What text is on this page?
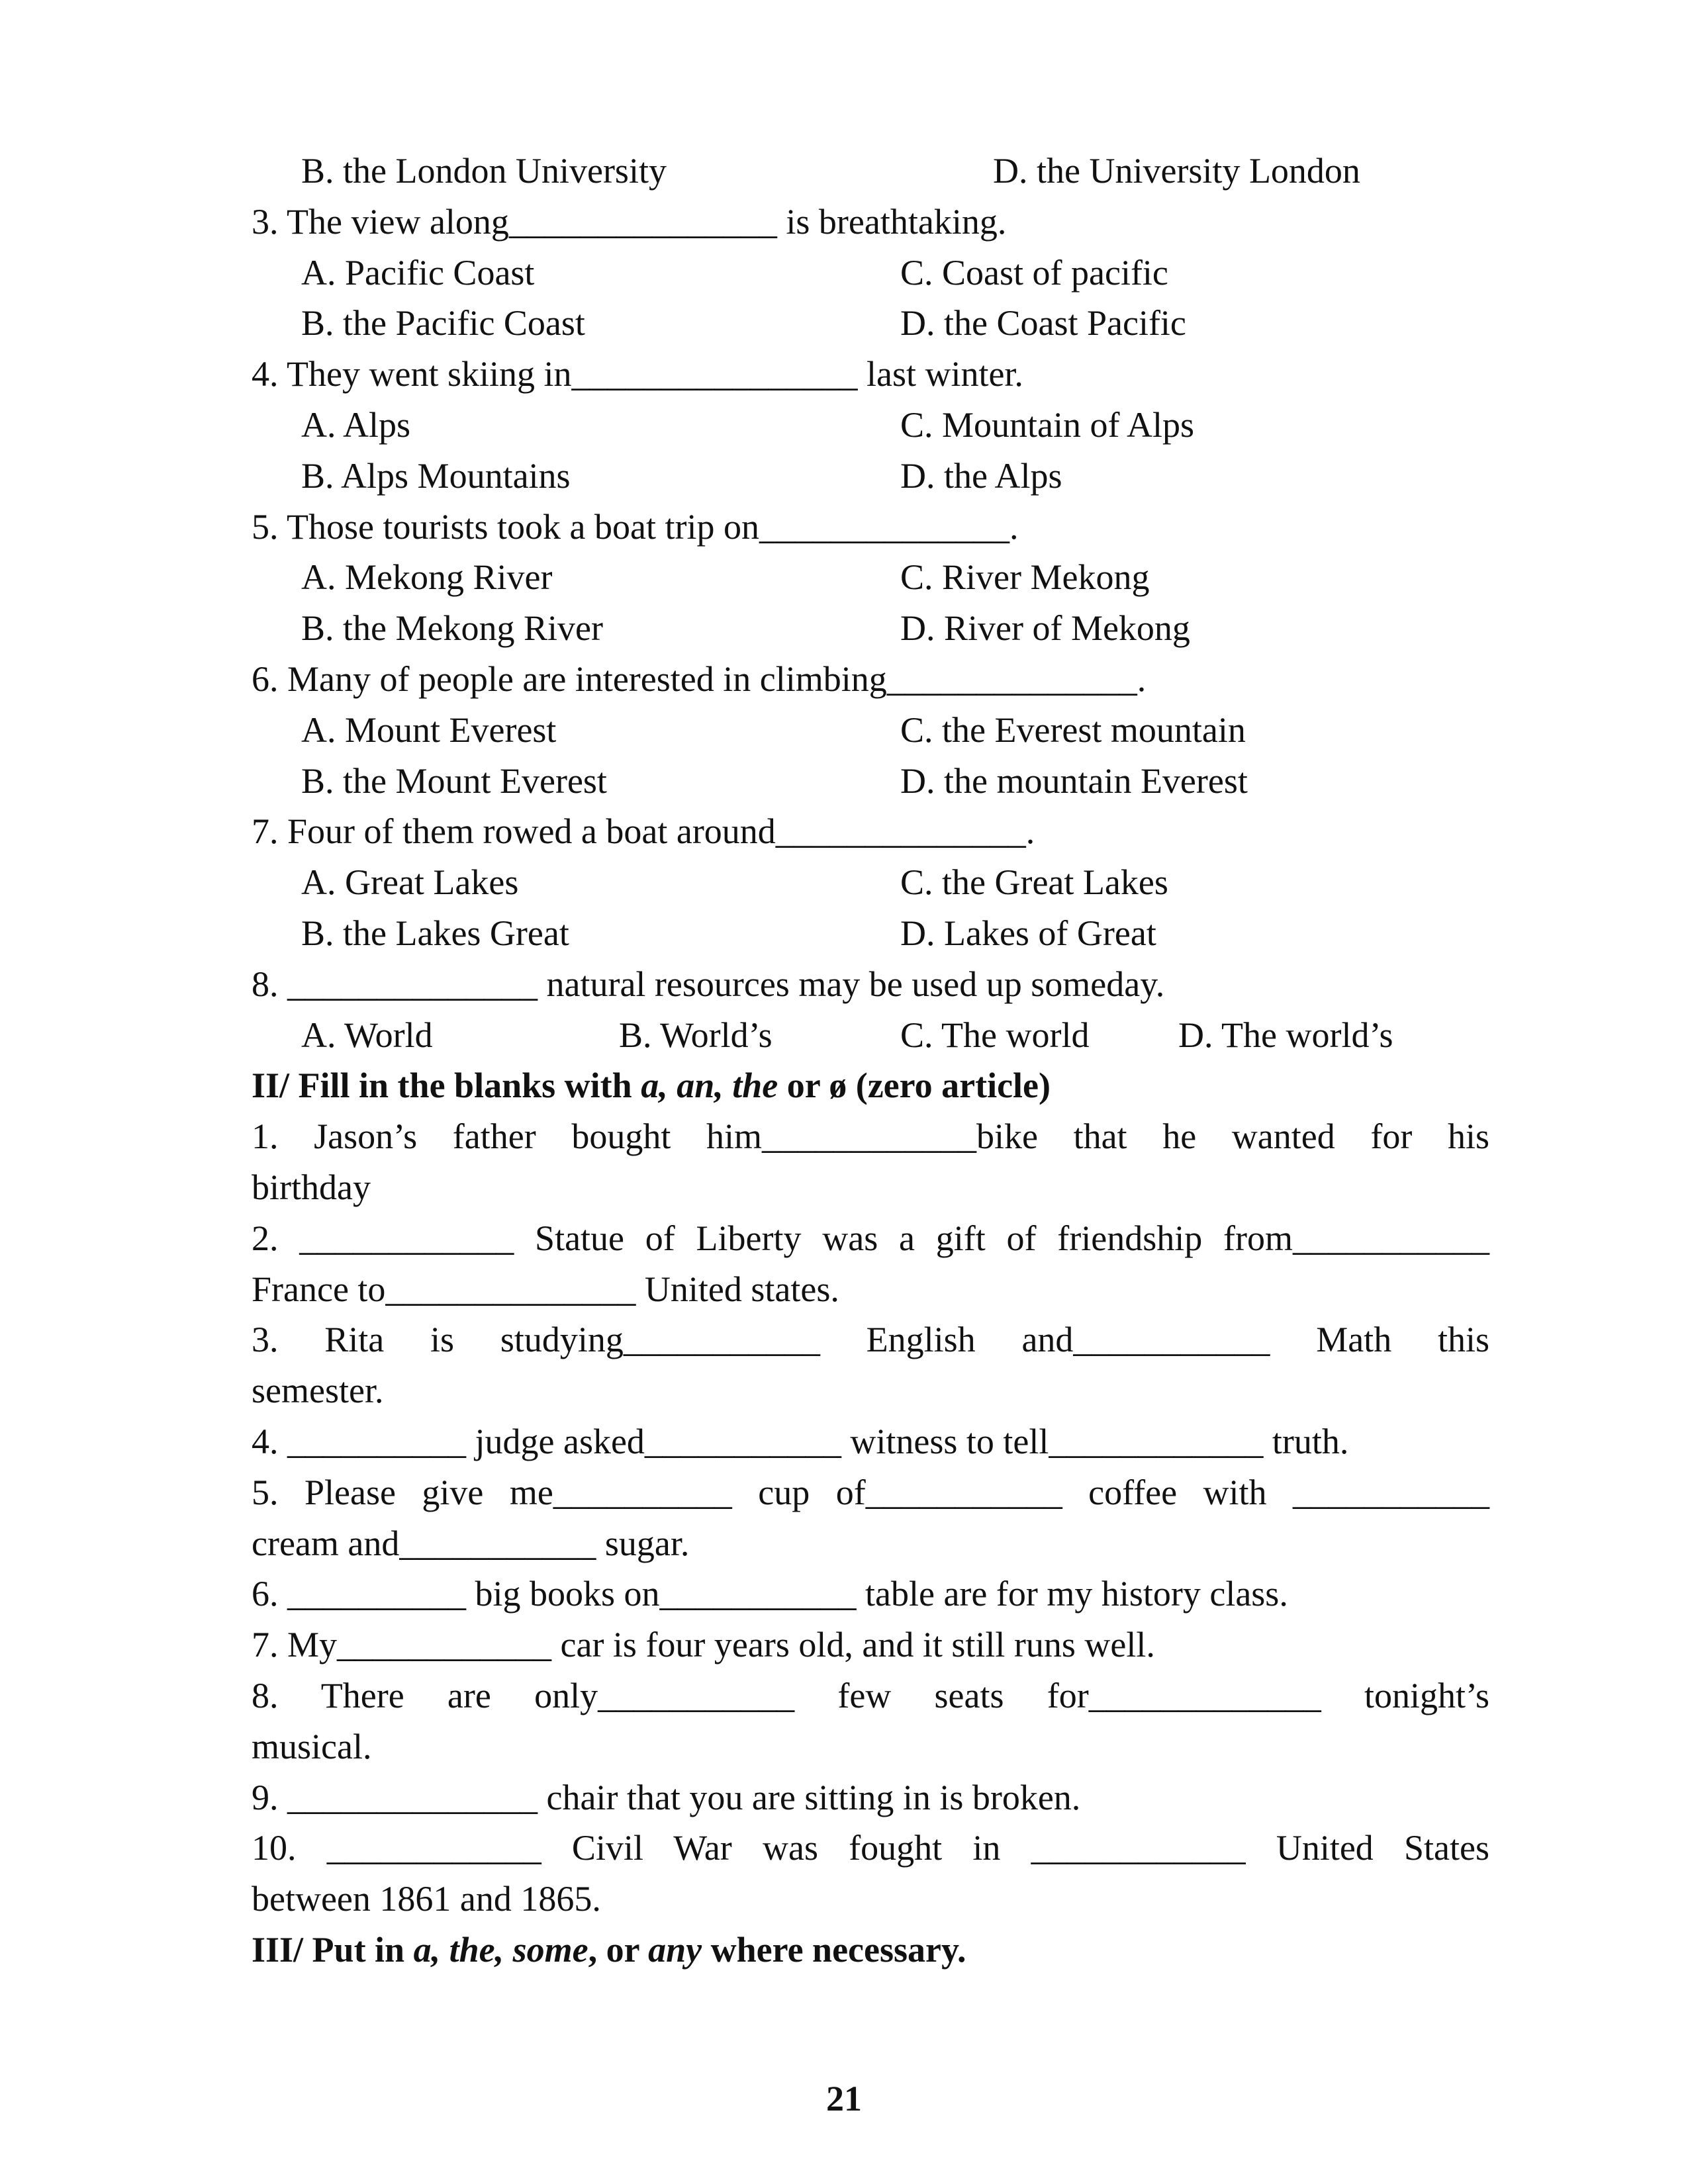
B. the London University	D. the University London
3. The view along_______________ is breathtaking.
A. Pacific Coast	C. Coast of pacific
B. the Pacific Coast	D. the Coast Pacific
4. They went skiing in________________ last winter.
A. Alps	C. Mountain of Alps
B. Alps Mountains	D. the Alps
5. Those tourists took a boat trip on______________.
A. Mekong River	C. River Mekong
B. the Mekong River	D. River of Mekong
6. Many of people are interested in climbing______________.
A. Mount Everest	C. the Everest mountain
B. the Mount Everest	D. the mountain Everest
7. Four of them rowed a boat around______________.
A. Great Lakes	C. the Great Lakes
B. the Lakes Great	D. Lakes of Great
8. ______________ natural resources may be used up someday.
A. World	B. World’s	C. The world D. The world’s
II/ Fill in the blanks with a, an, the or ø (zero article)
1. Jason’s father bought him____________bike that he wanted for his
birthday
2. ____________ Statue of Liberty was a gift of friendship from___________
France to______________ United states.
3. Rita is studying___________ English and___________ Math this
semester.
4. __________ judge asked___________ witness to tell____________ truth.
5. Please give me__________ cup of___________ coffee with ___________
cream and___________ sugar.
6. __________ big books on___________ table are for my history class.
7. My____________ car is four years old, and it still runs well.
8. There are only___________ few seats for_____________ tonight’s
musical.
9. ______________ chair that you are sitting in is broken.
10. ____________ Civil War was fought in ____________ United States
between 1861 and 1865.
III/ Put in a, the, some, or any where necessary.
21
